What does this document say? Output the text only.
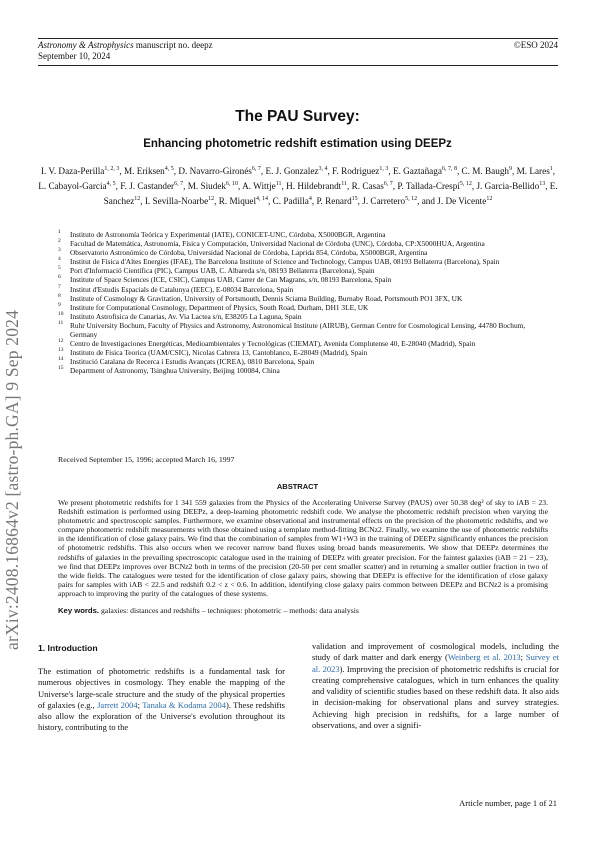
Astronomy & Astrophysics manuscript no. deepz
September 10, 2024
©ESO 2024
arXiv:2408.16864v2 [astro-ph.GA] 9 Sep 2024
The PAU Survey:
Enhancing photometric redshift estimation using DEEPz
I. V. Daza-Perilla$^{1, 2, 3}$, M. Eriksen$^{4, 5}$, D. Navarro-Gironés$^{6, 7}$, E. J. Gonzalez$^{3, 4}$, F. Rodriguez$^{1, 3}$, E. Gaztañaga$^{6, 7, 8}$, C. M. Baugh$^9$, M. Lares$^1$, L. Cabayol-Garcia$^{4, 5}$, F. J. Castander$^{6, 7}$, M. Siudek$^{6, 10}$, A. Wittje$^{11}$, H. Hildebrandt$^{11}$, R. Casas$^{6, 7}$, P. Tallada-Crespí$^{5, 12}$, J. Garcia-Bellido$^{13}$, E. Sanchez$^{12}$, I. Sevilla-Noarbe$^{12}$, R. Miquel$^{4, 14}$, C. Padilla$^4$, P. Renard$^{15}$, J. Carretero$^{5, 12}$, and J. De Vicente$^{12}$
1 Instituto de Astronomía Teórica y Experimental (IATE), CONICET-UNC, Córdoba, X5000BGR, Argentina
2 Facultad de Matemática, Astronomía, Física y Computación, Universidad Nacional de Córdoba (UNC), Córdoba, CP:X5000HUA, Argentina
3 Observatorio Astronómico de Córdoba, Universidad Nacional de Córdoba, Laprida 854, Córdoba, X5000BGR, Argentina
4 Institut de Física d'Altes Energies (IFAE), The Barcelona Institute of Science and Technology, Campus UAB, 08193 Bellaterra (Barcelona), Spain
5 Port d'Informació Científica (PIC), Campus UAB, C. Albareda s/n, 08193 Bellaterra (Barcelona), Spain
6 Institute of Space Sciences (ICE, CSIC), Campus UAB, Carrer de Can Magrans, s/n, 08193 Barcelona, Spain
7 Institut d'Estudis Espacials de Catalunya (IEEC), E-08034 Barcelona, Spain
8 Institute of Cosmology & Gravitation, University of Portsmouth, Dennis Sciama Building, Burnaby Road, Portsmouth PO1 3FX, UK
9 Institute for Computational Cosmology, Department of Physics, South Road, Durham, DH1 3LE, UK
10 Instituto Astrofisica de Canarias, Av. Via Lactea s/n, E38205 La Laguna, Spain
11 Ruhr University Bochum, Faculty of Physics and Astronomy, Astronomical Institute (AIRUB), German Centre for Cosmological Lensing, 44780 Bochum, Germany
12 Centro de Investigaciones Energéticas, Medioambientales y Tecnológicas (CIEMAT), Avenida Complutense 40, E-28040 (Madrid), Spain
13 Instituto de Fisica Teorica (UAM/CSIC), Nicolas Cabrera 13, Cantoblanco, E-28049 (Madrid), Spain
14 Institució Catalana de Recerca i Estudis Avançats (ICREA), 0810 Barcelona, Spain
15 Department of Astronomy, Tsinghua University, Beijing 100084, China
Received September 15, 1996; accepted March 16, 1997
ABSTRACT

We present photometric redshifts for 1 341 559 galaxies from the Physics of the Accelerating Universe Survey (PAUS) over 50.38 deg² of sky to iAB = 23. Redshift estimation is performed using DEEPz, a deep-learning photometric redshift code. We analyse the photometric redshift precision when varying the photometric and spectroscopic samples. Furthermore, we examine observational and instrumental effects on the precision of the photometric redshifts, and we compare photometric redshift measurements with those obtained using a template method-fitting BCNz2. Finally, we examine the use of photometric redshifts in the identification of close galaxy pairs. We find that the combination of samples from W1+W3 in the training of DEEPz significantly enhances the precision of photometric redshifts. This also occurs when we recover narrow band fluxes using broad bands measurements. We show that DEEPz determines the redshifts of galaxies in the prevailing spectroscopic catalogue used in the training of DEEPz with greater precision. For the faintest galaxies (iAB = 21 − 23), we find that DEEPz improves over BCNz2 both in terms of the precision (20-50 per cent smaller scatter) and in returning a smaller outlier fraction in two of the wide fields. The catalogues were tested for the identification of close galaxy pairs, showing that DEEPz is effective for the identification of close galaxy pairs for samples with iAB < 22.5 and redshift 0.2 < z < 0.6. In addition, identifying close galaxy pairs common between DEEPz and BCNz2 is a promising approach to improving the purity of the catalogues of these systems.

Key words. galaxies: distances and redshifts – techniques: photometric – methods: data analysis
1. Introduction

The estimation of photometric redshifts is a fundamental task for numerous objectives in cosmology. They enable the mapping of the Universe's large-scale structure and the study of the physical properties of galaxies (e.g., Jarrett 2004; Tanaka & Kodama 2004). These redshifts also allow the exploration of the Universe's evolution throughout its history, contributing to the

validation and improvement of cosmological models, including the study of dark matter and dark energy (Weinberg et al. 2013; Survey et al. 2023). Improving the precision of photometric redshifts is crucial for creating comprehensive catalogues, which in turn enhances the quality and validity of scientific studies based on these redshift data. It also aids in decision-making for observational plans and survey strategies. Achieving high precision in redshifts, for a large number of observations, and over a signifi-

Article number, page 1 of 21
